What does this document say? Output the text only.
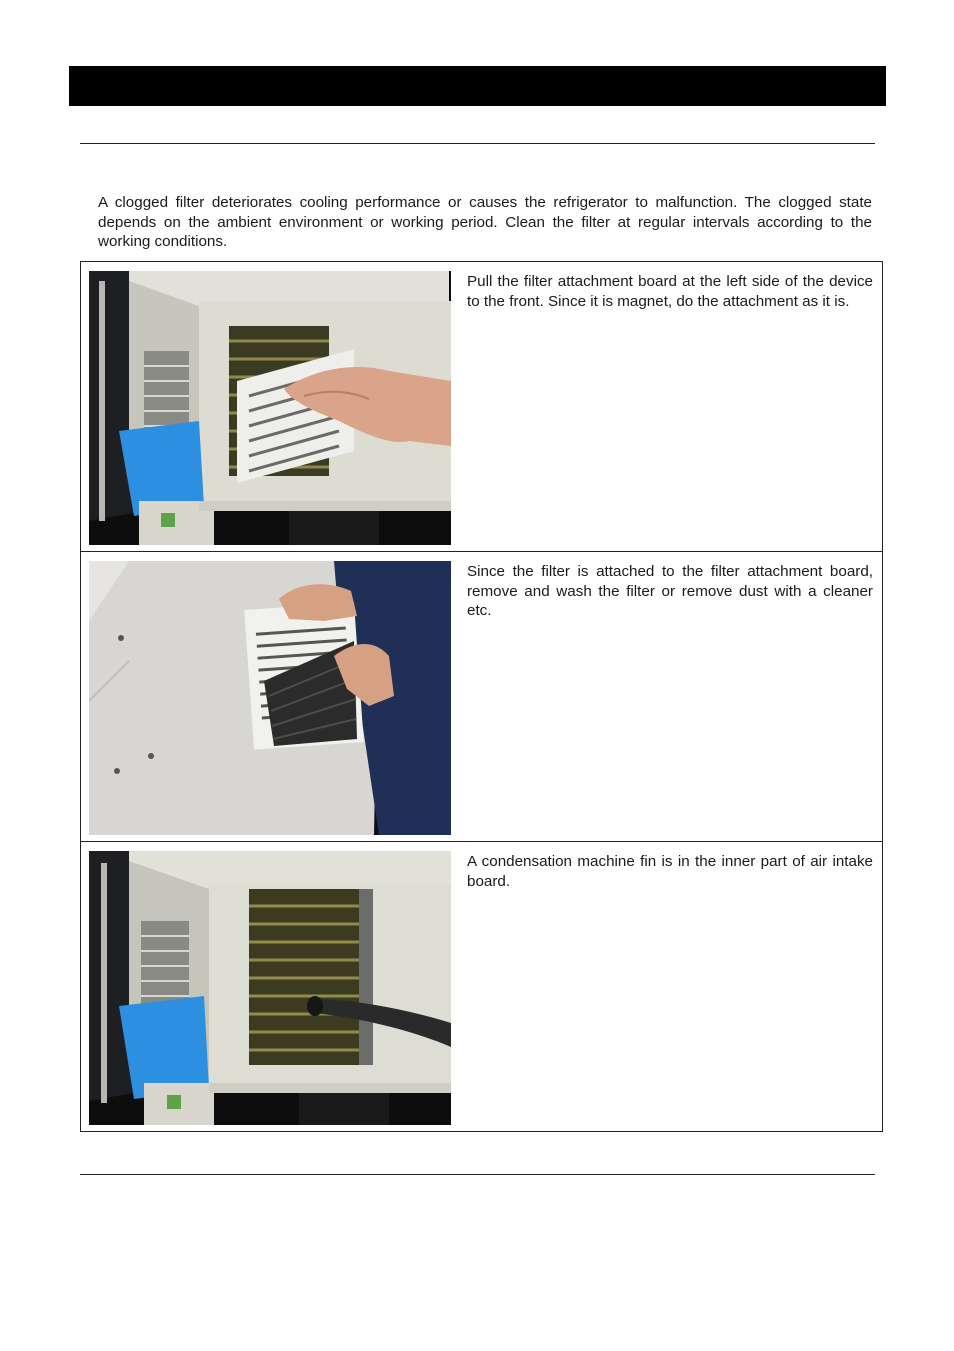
A clogged filter deteriorates cooling performance or causes the refrigerator to malfunction. The clogged state depends on the ambient environment or working period. Clean the filter at regular intervals according to the working conditions.

Pull the filter attachment board at the left side of the device to the front. Since it is magnet, do the attachment as it is.

Since the filter is attached to the filter attachment board, remove and wash the filter or remove dust with a cleaner etc.

A condensation machine fin is in the inner part of air intake board.
